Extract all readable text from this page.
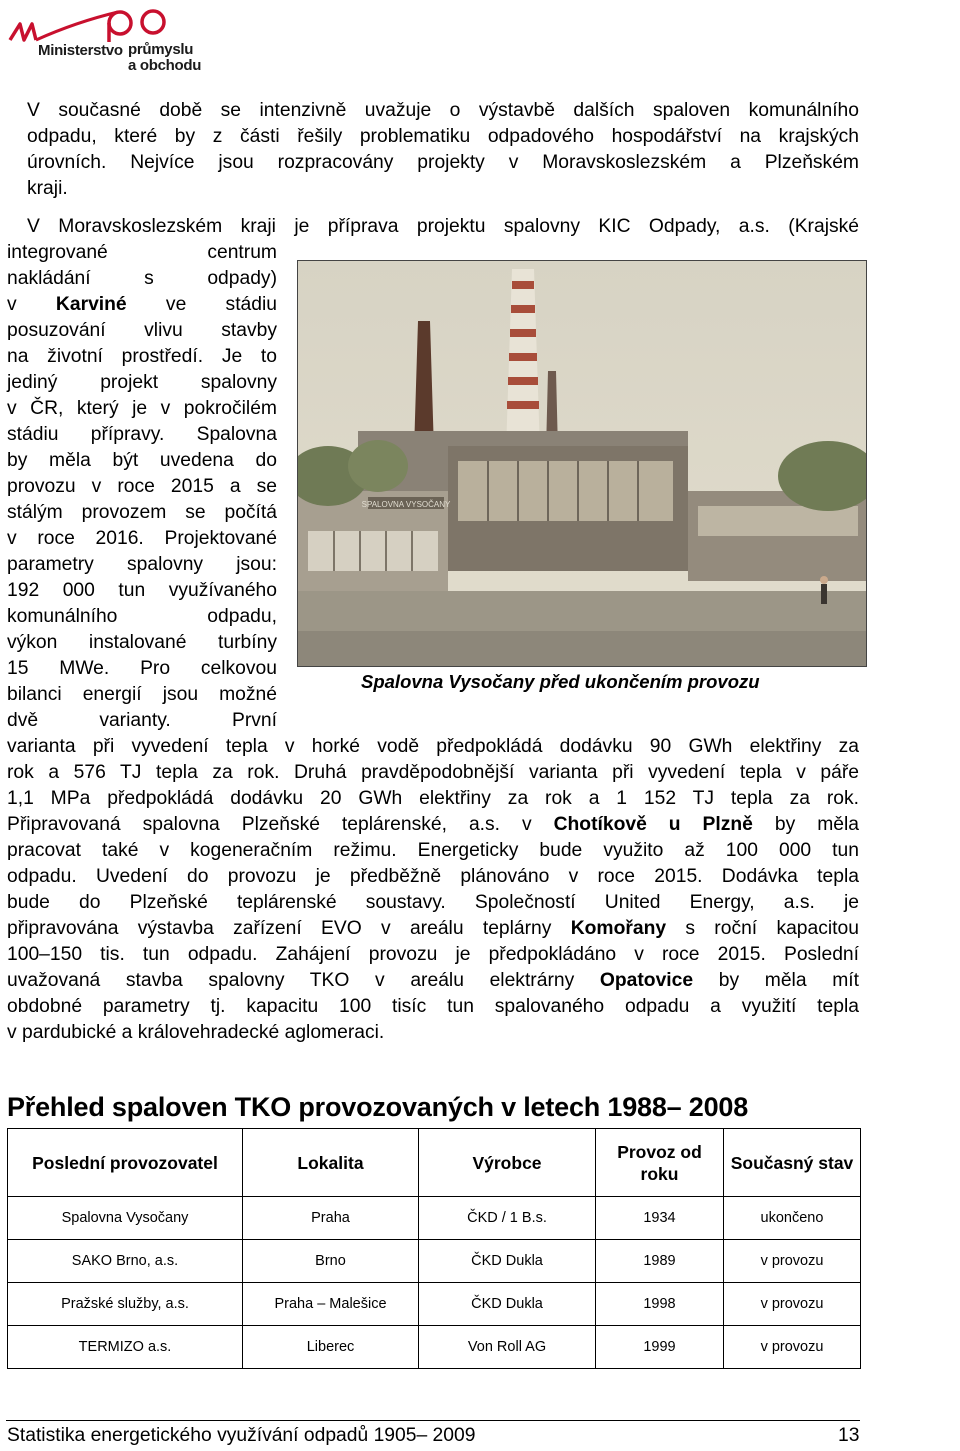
Ministerstvo průmyslu
a obchodu
V současné době se intenzivně uvažuje o výstavbě dalších spaloven komunálního
odpadu, které by z části řešily problematiku odpadového hospodářství na krajských
úrovních. Nejvíce jsou rozpracovány projekty v Moravskoslezském a Plzeňském
kraji.
V Moravskoslezském kraji je příprava projektu spalovny KIC Odpady, a.s. (Krajské
integrované centrum
nakládání s odpady)
v Karviné ve stádiu
posuzování vlivu stavby
na životní prostředí. Je to
jediný projekt spalovny
v ČR, který je v pokročilém
stádiu přípravy. Spalovna
by měla být uvedena do
provozu v roce 2015 a se
stálým provozem se počítá
v roce 2016. Projektované
parametry spalovny jsou:
192 000 tun využívaného
komunálního odpadu,
výkon instalované turbíny
15 MWe. Pro celkovou
bilanci energií jsou možné
dvě varianty. První
SPALOVNA VYSOČANY
Spalovna Vysočany před ukončením provozu
varianta při vyvedení tepla v horké vodě předpokládá dodávku 90 GWh elektřiny za
rok a 576 TJ tepla za rok. Druhá pravděpodobnější varianta při vyvedení tepla v páře
1,1 MPa předpokládá dodávku 20 GWh elektřiny za rok a 1 152 TJ tepla za rok.
Připravovaná spalovna Plzeňské teplárenské, a.s. v Chotíkově u Plzně by měla
pracovat také v kogeneračním režimu. Energeticky bude využito až 100 000 tun
odpadu. Uvedení do provozu je předběžně plánováno v roce 2015. Dodávka tepla
bude do Plzeňské teplárenské soustavy. Společností United Energy, a.s. je
připravována výstavba zařízení EVO v areálu teplárny Komořany s roční kapacitou
100–150 tis. tun odpadu. Zahájení provozu je předpokládáno v roce 2015. Poslední
uvažovaná stavba spalovny TKO v areálu elektrárny Opatovice by měla mít
obdobné parametry tj. kapacitu 100 tisíc tun spalovaného odpadu a využití tepla
v pardubické a královehradecké aglomeraci.
Přehled spaloven TKO provozovaných v letech 1988– 2008
Poslední provozovatel	Lokalita	Výrobce	Provoz od roku	Současný stav
Spalovna Vysočany	Praha	ČKD / 1 B.s.	1934	ukončeno
SAKO Brno, a.s.	Brno	ČKD Dukla	1989	v provozu
Pražské služby, a.s.	Praha – Malešice	ČKD Dukla	1998	v provozu
TERMIZO a.s.	Liberec	Von Roll AG	1999	v provozu
Statistika energetického využívání odpadů 1905– 2009	13
